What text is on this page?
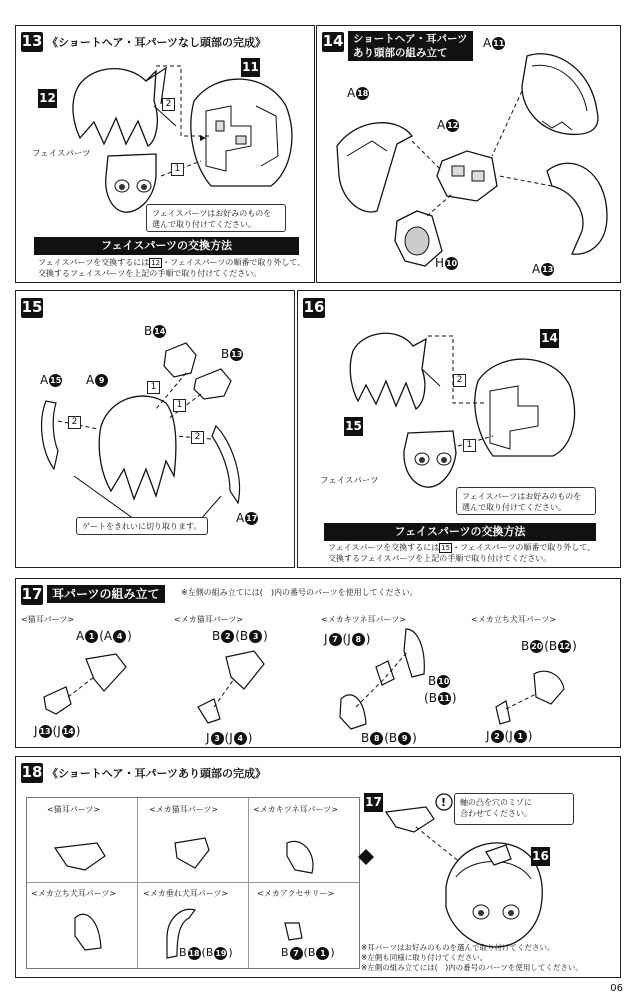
13 《ショートヘア・耳パーツなし頭部の完成》
12
11
2
1
フェイスパーツ
フェイスパーツはお好みのものを
選んで取り付けてください。
フェイスパーツの交換方法
フェイスパーツを交換するには 12 ・フェイスパーツの順番で取り外して、
交換するフェイスパーツを上記の手順で取り付けてください。
14 ショートヘア・耳パーツ
あり頭部の組み立て
A 11
A 18
A 12
H 10	A 13
15
B 14
B 13
A 15 A 9
A 17
1
1
2
2
ゲートをきれいに切り取ります。
16
15
14
2
1
フェイスパーツ
フェイスパーツはお好みのものを
選んで取り付けてください。
フェイスパーツの交換方法
フェイスパーツを交換するには 15 ・フェイスパーツの順番で取り外して、
交換するフェイスパーツを上記の手順で取り付けてください。
17 耳パーツの組み立て	※左側の組み立てには(　)内の番号のパーツを使用してください。
<猫耳パーツ>	<メカ猫耳パーツ>	<メカキツネ耳パーツ>	<メカ立ち犬耳パーツ>
A 1 (A 4 )
J 13 (J 14 )
B 2 (B 3 )
J 3 (J 4 )
J 7 (J 8 )
B 10
(B 11 )
B 8 (B 9 )
B 20 (B 12 )
J 2 (J 1 )
18 《ショートヘア・耳パーツあり頭部の完成》
<猫耳パーツ>	<メカ猫耳パーツ>	<メカキツネ耳パーツ>
<メカ立ち犬耳パーツ>	<メカ垂れ犬耳パーツ>	<メカアクセサリー>
B 18 (B 19 )	B 7 (B 1 )
!
17
16
軸の凸を穴のミゾに
合わせてください。
※耳パーツはお好みのものを選んで取り付けてください。
※左側も同様に取り付けてください。
※左側の組み立てには(　)内の番号のパーツを使用してください。
06
